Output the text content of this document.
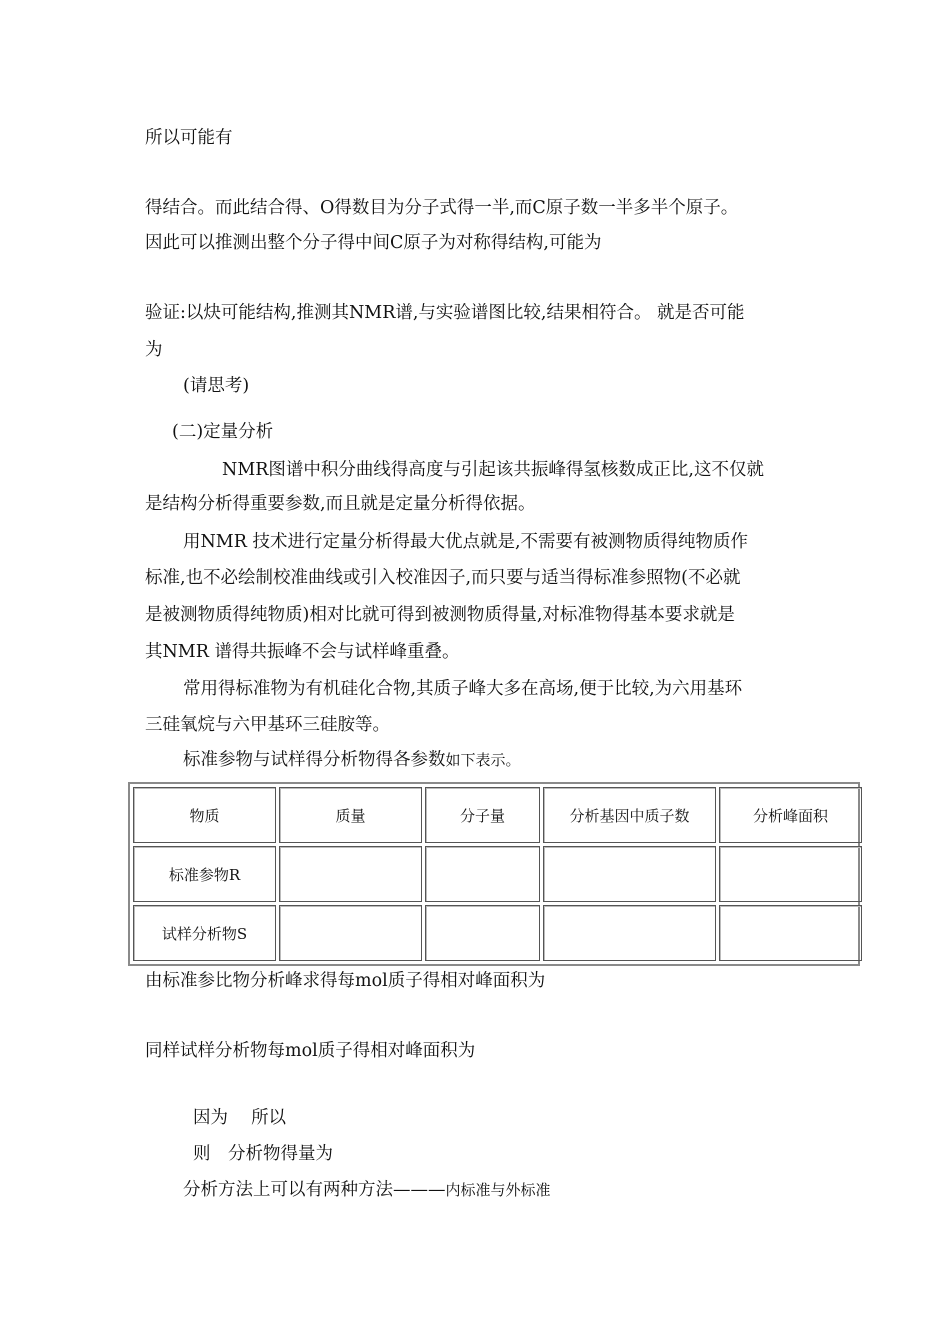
所以可能有
得结合。而此结合得、O得数目为分子式得一半,而C原子数一半多半个原子。
因此可以推测出整个分子得中间C原子为对称得结构,可能为
验证:以炔可能结构,推测其NMR谱,与实验谱图比较,结果相符合。 就是否可能
为
(请思考)
(二)定量分析
NMR图谱中积分曲线得高度与引起该共振峰得氢核数成正比,这不仅就
是结构分析得重要参数,而且就是定量分析得依据。
用NMR 技术进行定量分析得最大优点就是,不需要有被测物质得纯物质作
标准,也不必绘制校准曲线或引入校准因子,而只要与适当得标准参照物(不必就
是被测物质得纯物质)相对比就可得到被测物质得量,对标准物得基本要求就是
其NMR 谱得共振峰不会与试样峰重叠。
常用得标准物为有机硅化合物,其质子峰大多在高场,便于比较,为六用基环
三硅氧烷与六甲基环三硅胺等。
标准参物与试样得分析物得各参数如下表示。
物质	质量	分子量	分析基因中质子数	分析峰面积
标准参物R				
试样分析物S				
由标准参比物分析峰求得每mol质子得相对峰面积为
同样试样分析物每mol质子得相对峰面积为
因为　 所以
则　分析物得量为
分析方法上可以有两种方法———内标准与外标准
